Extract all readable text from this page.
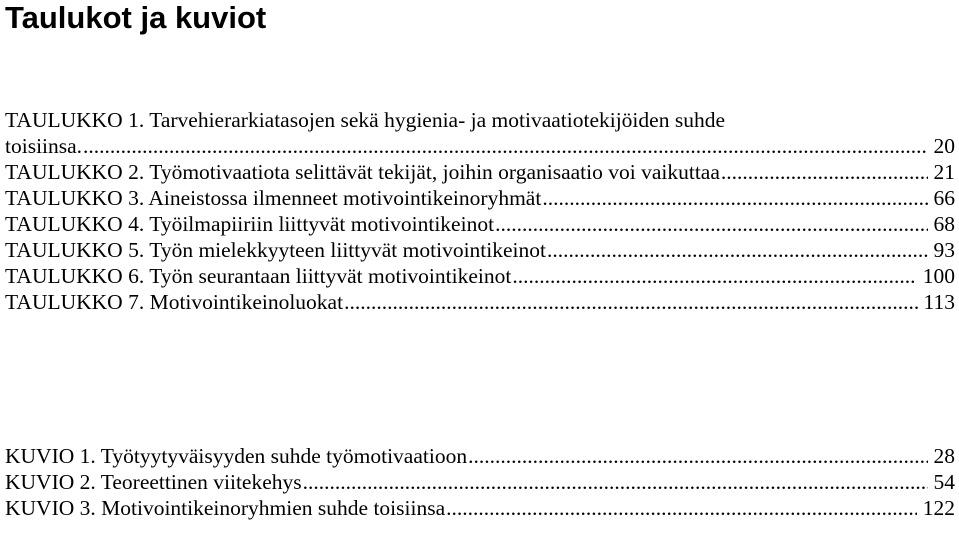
Taulukot ja kuviot
TAULUKKO 1. Tarvehierarkiatasojen sekä hygienia- ja motivaatiotekijöiden suhde
toisiinsa. .....	20
TAULUKKO 2. Työmotivaatiota selittävät tekijät, joihin organisaatio voi vaikuttaa .....	21
TAULUKKO 3. Aineistossa ilmenneet motivointikeinoryhmät .....	66
TAULUKKO 4. Työilmapiiriin liittyvät motivointikeinot .....	68
TAULUKKO 5. Työn mielekkyyteen liittyvät motivointikeinot .....	93
TAULUKKO 6. Työn seurantaan liittyvät motivointikeinot .....	100
TAULUKKO 7. Motivointikeinoluokat .....	113
KUVIO 1. Työtyytyväisyyden suhde työmotivaatioon .....	28
KUVIO 2. Teoreettinen viitekehys .....	54
KUVIO 3. Motivointikeinoryhmien suhde toisiinsa .....	122
